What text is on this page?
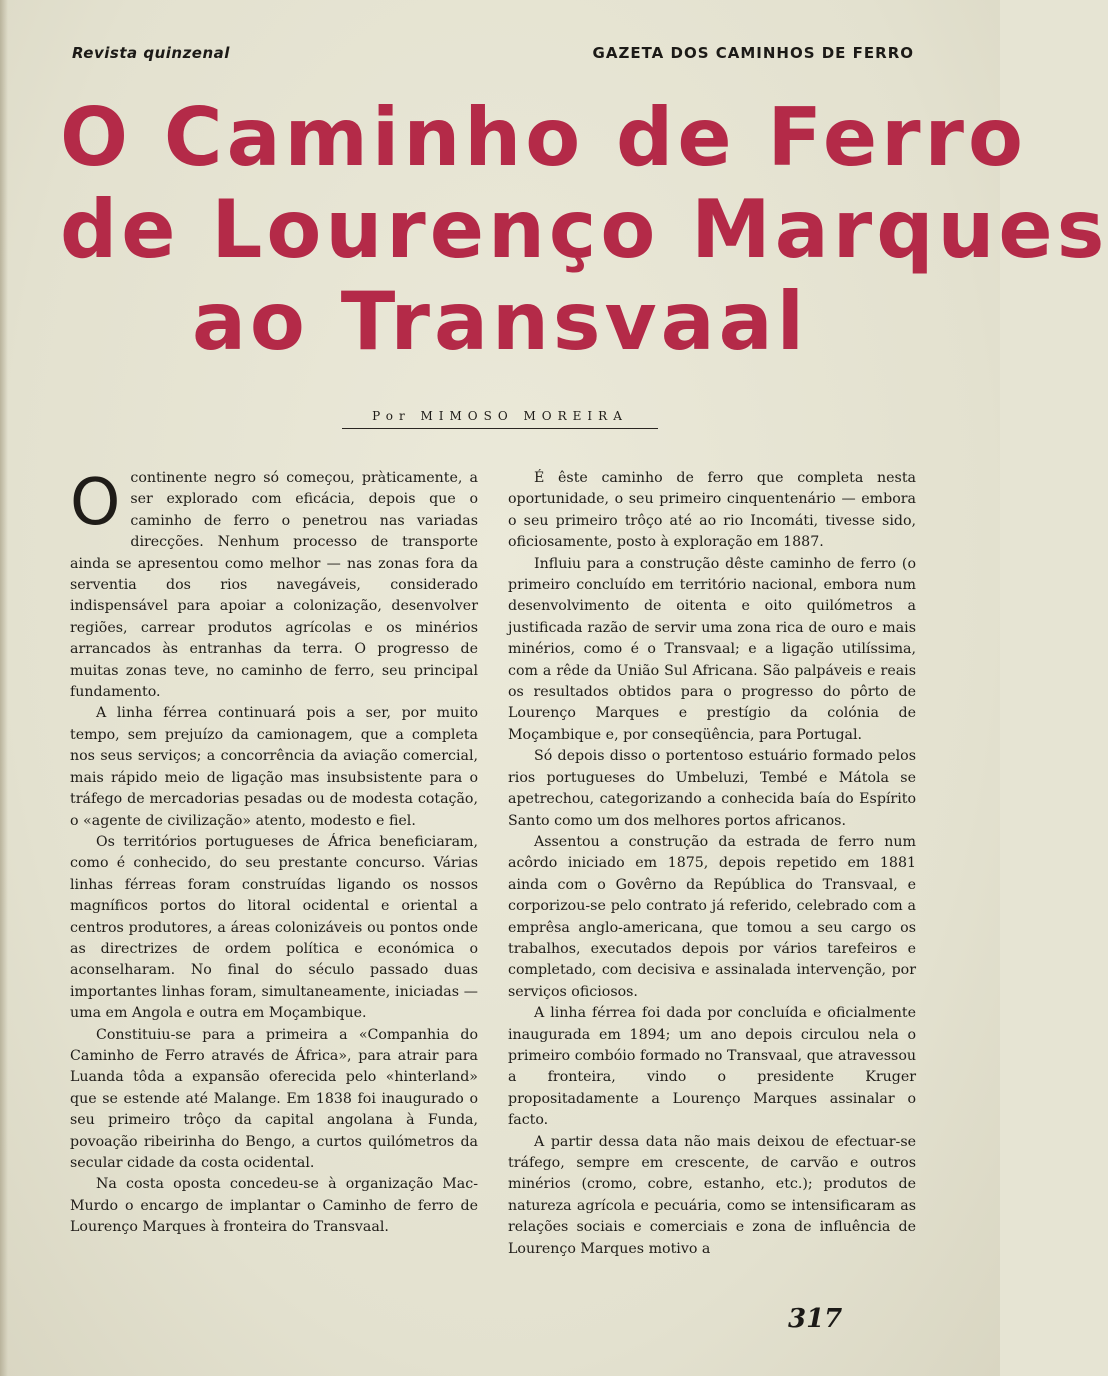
Revista quinzenal	GAZETA DOS CAMINHOS DE FERRO
O Caminho de Ferro
de Lourenço Marques
ao Transvaal
Por MIMOSO MOREIRA

Ocontinente negro só começou, pràticamente, a ser explorado com eficácia, depois que o caminho de ferro o penetrou nas variadas direcções. Nenhum processo de transporte ainda se apresentou como melhor — nas zonas fora da serventia dos rios navegáveis, considerado indispensável para apoiar a colonização, desenvolver regiões, carrear produtos agrícolas e os minérios arrancados às entranhas da terra. O progresso de muitas zonas teve, no caminho de ferro, seu principal fundamento.

A linha férrea continuará pois a ser, por muito tempo, sem prejuízo da camionagem, que a completa nos seus serviços; a concorrência da aviação comercial, mais rápido meio de ligação mas insubsistente para o tráfego de mercadorias pesadas ou de modesta cotação, o «agente de civilização» atento, modesto e fiel.

Os territórios portugueses de África beneficiaram, como é conhecido, do seu prestante concurso. Várias linhas férreas foram construídas ligando os nossos magníficos portos do litoral ocidental e oriental a centros produtores, a áreas colonizáveis ou pontos onde as directrizes de ordem política e económica o aconselharam. No final do século passado duas importantes linhas foram, simultaneamente, iniciadas — uma em Angola e outra em Moçambique.

Constituiu-se para a primeira a «Companhia do Caminho de Ferro através de África», para atrair para Luanda tôda a expansão oferecida pelo «hinterland» que se estende até Malange. Em 1838 foi inaugurado o seu primeiro trôço da capital angolana à Funda, povoação ribeirinha do Bengo, a curtos quilómetros da secular cidade da costa ocidental.

Na costa oposta concedeu-se à organização Mac-Murdo o encargo de implantar o Caminho de ferro de Lourenço Marques à fronteira do Transvaal.

É êste caminho de ferro que completa nesta oportunidade, o seu primeiro cinquentenário — embora o seu primeiro trôço até ao rio Incomáti, tivesse sido, oficiosamente, posto à exploração em 1887.

Influiu para a construção dêste caminho de ferro (o primeiro concluído em território nacional, embora num desenvolvimento de oitenta e oito quilómetros a justificada razão de servir uma zona rica de ouro e mais minérios, como é o Transvaal; e a ligação utilíssima, com a rêde da União Sul Africana. São palpáveis e reais os resultados obtidos para o progresso do pôrto de Lourenço Marques e prestígio da colónia de Moçambique e, por conseqüência, para Portugal.

Só depois disso o portentoso estuário formado pelos rios portugueses do Umbeluzi, Tembé e Mátola se apetrechou, categorizando a conhecida baía do Espírito Santo como um dos melhores portos africanos.

Assentou a construção da estrada de ferro num acôrdo iniciado em 1875, depois repetido em 1881 ainda com o Govêrno da República do Transvaal, e corporizou-se pelo contrato já referido, celebrado com a emprêsa anglo-americana, que tomou a seu cargo os trabalhos, executados depois por vários tarefeiros e completado, com decisiva e assinalada intervenção, por serviços oficiosos.

A linha férrea foi dada por concluída e oficialmente inaugurada em 1894; um ano depois circulou nela o primeiro combóio formado no Transvaal, que atravessou a fronteira, vindo o presidente Kruger propositadamente a Lourenço Marques assinalar o facto.

A partir dessa data não mais deixou de efectuar-se tráfego, sempre em crescente, de carvão e outros minérios (cromo, cobre, estanho, etc.); produtos de natureza agrícola e pecuária, como se intensificaram as relações sociais e comerciais e zona de influência de Lourenço Marques motivo a

317
